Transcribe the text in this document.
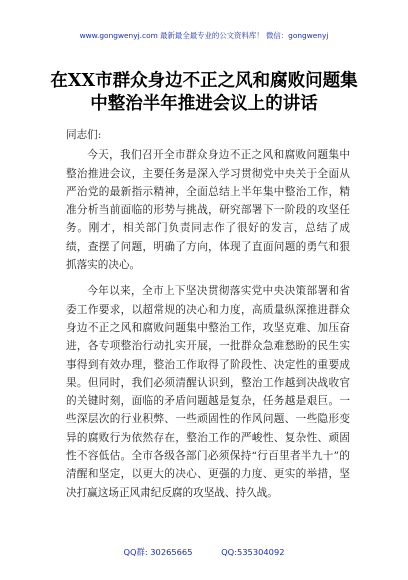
www.gongwenyj.com 最新最全最专业的公文资料库！ 微信：gongwenyj
在XX市群众身边不正之风和腐败问题集
中整治半年推进会议上的讲话

同志们:

今天，我们召开全市群众身边不正之风和腐败问题集中整治推进会议，主要任务是深入学习贯彻党中央关于全面从严治党的最新指示精神，全面总结上半年集中整治工作，精准分析当前面临的形势与挑战，研究部署下一阶段的攻坚任务。刚才，相关部门负责同志作了很好的发言，总结了成绩，查摆了问题，明确了方向，体现了直面问题的勇气和狠抓落实的决心。

今年以来，全市上下坚决贯彻落实党中央决策部署和省委工作要求，以超常规的决心和力度，高质量纵深推进群众身边不正之风和腐败问题集中整治工作，攻坚克难、加压奋进，各专项整治行动扎实开展，一批群众急难愁盼的民生实事得到有效办理，整治工作取得了阶段性、决定性的重要成果。但同时，我们必须清醒认识到，整治工作越到决战收官的关键时刻，面临的矛盾问题越是复杂，任务越是艰巨。一些深层次的行业积弊、一些顽固性的作风问题、一些隐形变异的腐败行为依然存在，整治工作的严峻性、复杂性、顽固性不容低估。全市各级各部门必须保持“行百里者半九十”的清醒和坚定，以更大的决心、更强的力度、更实的举措，坚决打赢这场正风肃纪反腐的攻坚战、持久战。

QQ群: 30265665	QQ:535304092
